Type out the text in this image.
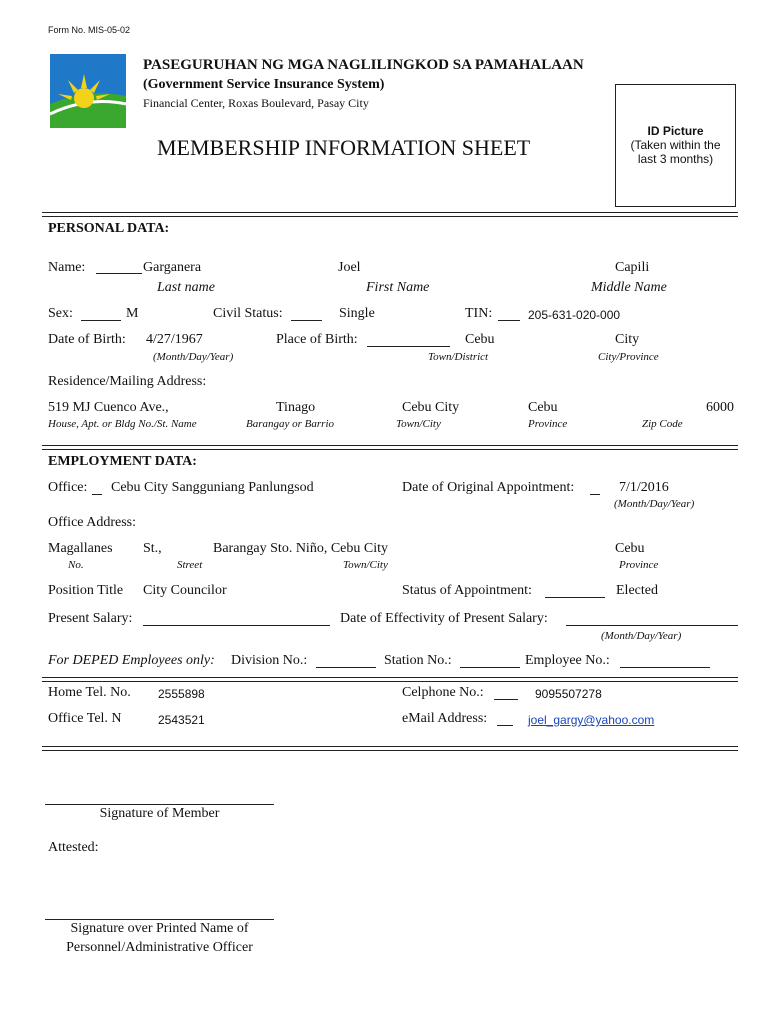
Form No. MIS-05-02
PASEGURUHAN NG MGA NAGLILINGKOD SA PAMAHALAAN
(Government Service Insurance System)
Financial Center, Roxas Boulevard, Pasay City
MEMBERSHIP INFORMATION SHEET
ID Picture
(Taken within the
last 3 months)
PERSONAL DATA:
Name:	Garganera	Joel	Capili
Last name	First Name	Middle Name
Sex:	M	Civil Status:	Single	TIN:	205-631-020-000
Date of Birth: 4/27/1967	Place of Birth:	Cebu	City
(Month/Day/Year)	Town/District	City/Province
Residence/Mailing Address:
519 MJ Cuenco Ave.,	Tinago	Cebu City	Cebu	6000
House, Apt. or Bldg No./St. Name	Barangay or Barrio	Town/City	Province	Zip Code
EMPLOYMENT DATA:
Office: Cebu City Sangguniang Panlungsod	Date of Original Appointment:	7/1/2016
(Month/Day/Year)
Office Address:
Magallanes St.,	Barangay Sto. Niño, Cebu City	Cebu
No.	Street	Town/City	Province
Position Title City Councilor	Status of Appointment:	Elected
Present Salary:	Date of Effectivity of Present Salary:
(Month/Day/Year)
For DEPED Employees only: Division No.:	Station No.:	Employee No.:
Home Tel. No. 2555898	Celphone No.:	9095507278
Office Tel. N	2543521	eMail Address:	joel_gargy@yahoo.com
Signature of Member
Attested:
Signature over Printed Name of
Personnel/Administrative Officer
